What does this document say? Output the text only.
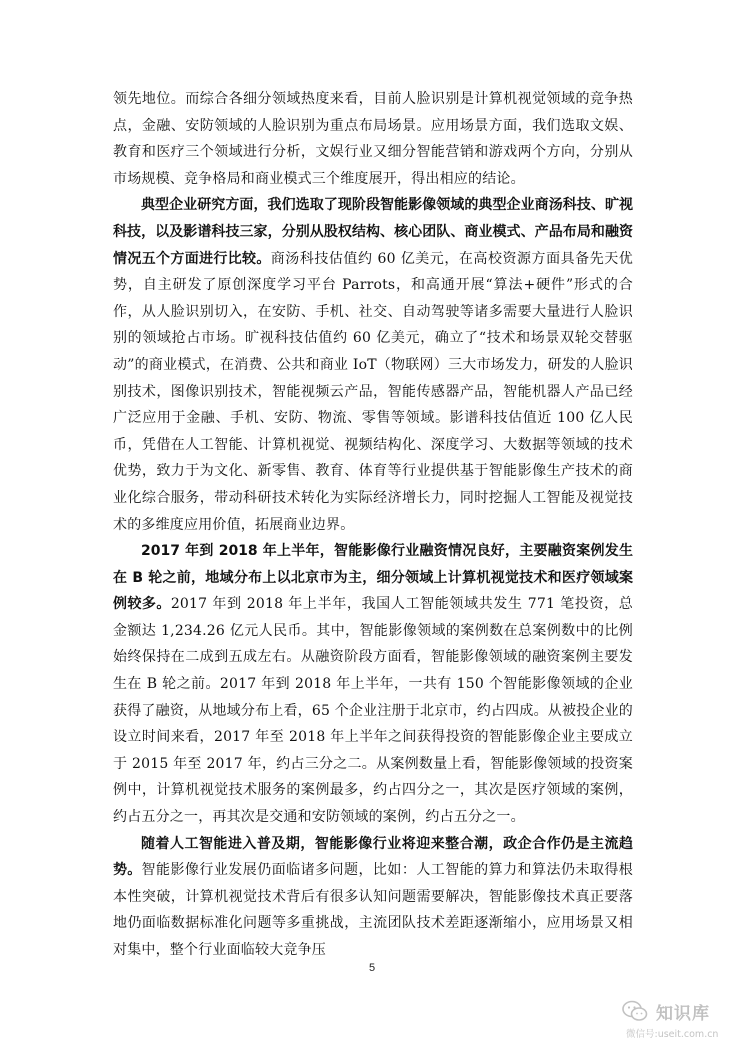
领先地位。而综合各细分领域热度来看，目前人脸识别是计算机视觉领域的竞争热点，金融、安防领域的人脸识别为重点布局场景。应用场景方面，我们选取文娱、教育和医疗三个领域进行分析，文娱行业又细分智能营销和游戏两个方向，分别从市场规模、竞争格局和商业模式三个维度展开，得出相应的结论。

典型企业研究方面，我们选取了现阶段智能影像领域的典型企业商汤科技、旷视科技，以及影谱科技三家，分别从股权结构、核心团队、商业模式、产品布局和融资情况五个方面进行比较。商汤科技估值约 60 亿美元，在高校资源方面具备先天优势，自主研发了原创深度学习平台 Parrots，和高通开展“算法+硬件”形式的合作，从人脸识别切入，在安防、手机、社交、自动驾驶等诸多需要大量进行人脸识别的领域抢占市场。旷视科技估值约 60 亿美元，确立了“技术和场景双轮交替驱动”的商业模式，在消费、公共和商业 IoT（物联网）三大市场发力，研发的人脸识别技术，图像识别技术，智能视频云产品，智能传感器产品，智能机器人产品已经广泛应用于金融、手机、安防、物流、零售等领域。影谱科技估值近 100 亿人民币，凭借在人工智能、计算机视觉、视频结构化、深度学习、大数据等领域的技术优势，致力于为文化、新零售、教育、体育等行业提供基于智能影像生产技术的商业化综合服务，带动科研技术转化为实际经济增长力，同时挖掘人工智能及视觉技术的多维度应用价值，拓展商业边界。

2017 年到 2018 年上半年，智能影像行业融资情况良好，主要融资案例发生在 B 轮之前，地域分布上以北京市为主，细分领域上计算机视觉技术和医疗领域案例较多。2017 年到 2018 年上半年，我国人工智能领域共发生 771 笔投资，总金额达 1,234.26 亿元人民币。其中，智能影像领域的案例数在总案例数中的比例始终保持在二成到五成左右。从融资阶段方面看，智能影像领域的融资案例主要发生在 B 轮之前。2017 年到 2018 年上半年，一共有 150 个智能影像领域的企业获得了融资，从地域分布上看，65 个企业注册于北京市，约占四成。从被投企业的设立时间来看，2017 年至 2018 年上半年之间获得投资的智能影像企业主要成立于 2015 年至 2017 年，约占三分之二。从案例数量上看，智能影像领域的投资案例中，计算机视觉技术服务的案例最多，约占四分之一，其次是医疗领域的案例，约占五分之一，再其次是交通和安防领域的案例，约占五分之一。

随着人工智能进入普及期，智能影像行业将迎来整合潮，政企合作仍是主流趋势。智能影像行业发展仍面临诸多问题，比如：人工智能的算力和算法仍未取得根本性突破，计算机视觉技术背后有很多认知问题需要解决，智能影像技术真正要落地仍面临数据标准化问题等多重挑战，主流团队技术差距逐渐缩小，应用场景又相对集中，整个行业面临较大竞争压

5
知识库
微信号:useit.com.cn
